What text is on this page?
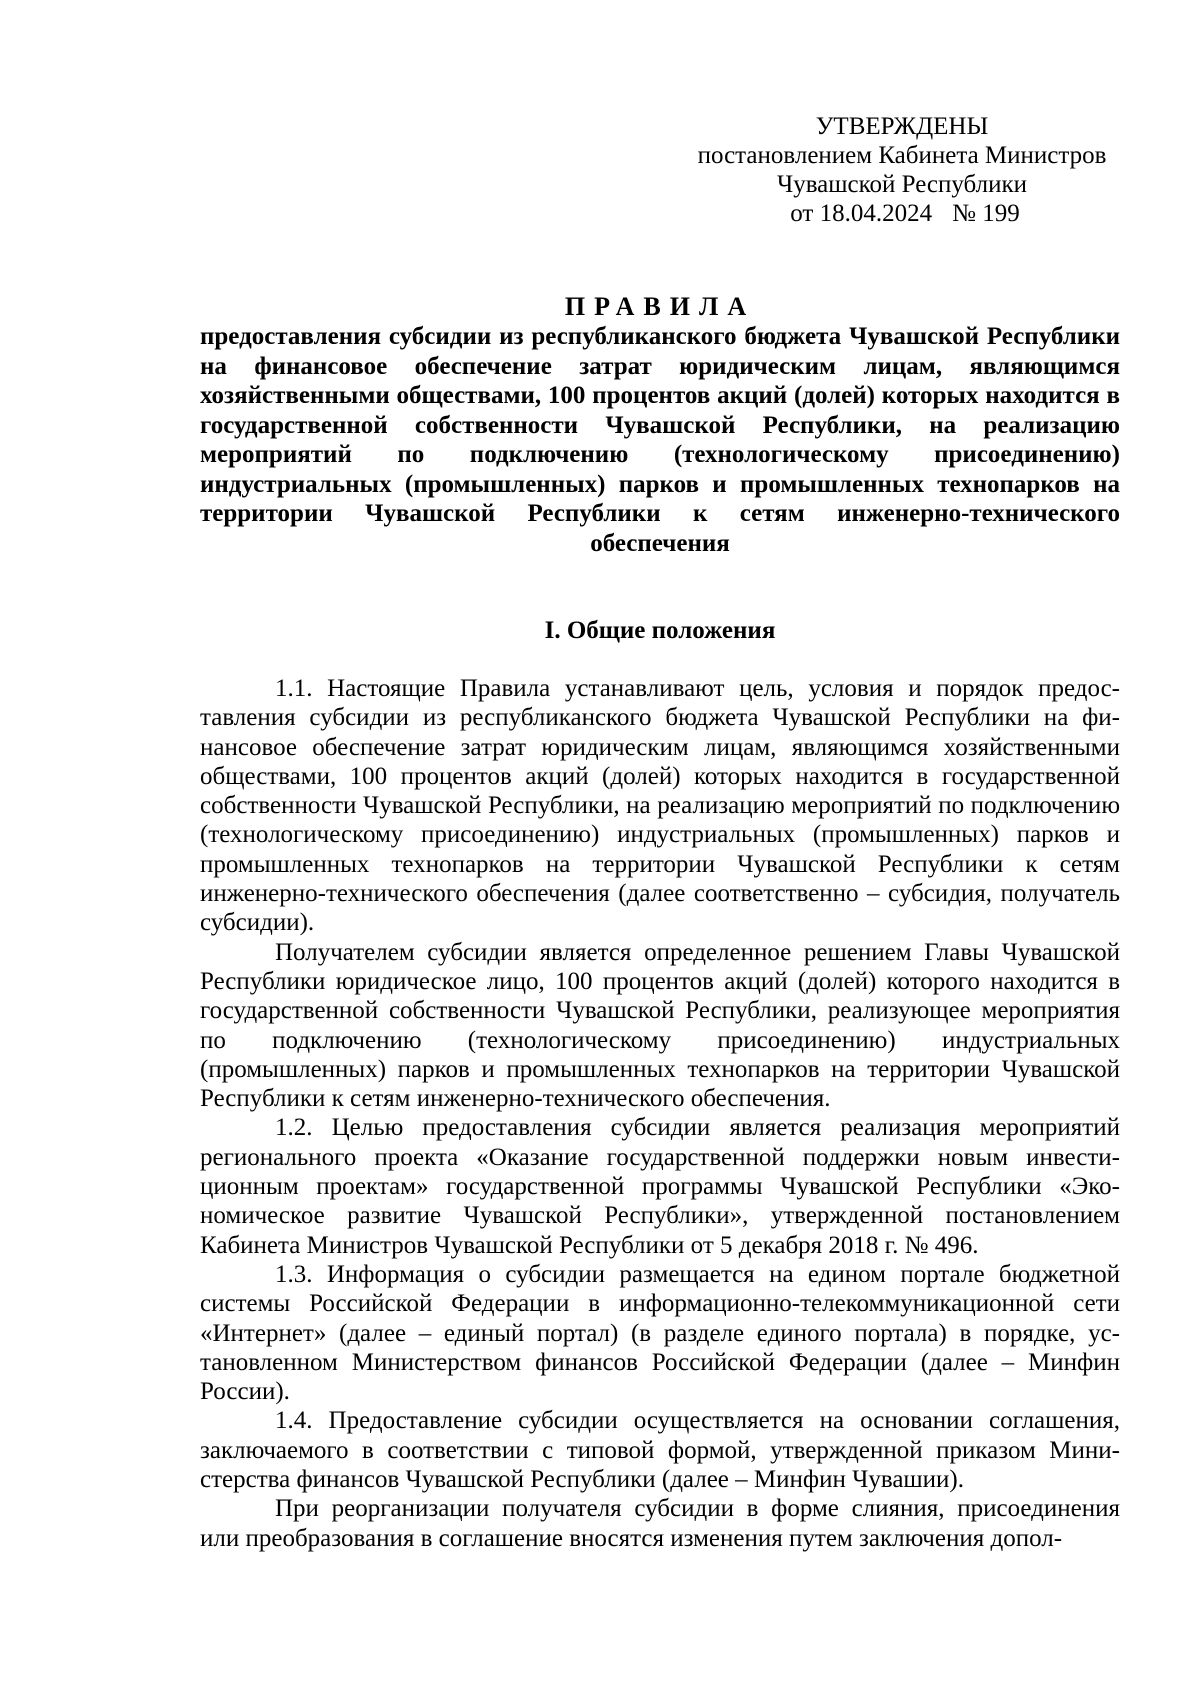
УТВЕРЖДЕНЫ
постановлением Кабинета Министров
Чувашской Республики
от 18.04.2024 № 199
ПРАВИЛА
предоставления субсидии из республиканского бюджета Чувашской Республики на финансовое обеспечение затрат юридическим лицам, являющимся хозяйственными обществами, 100 процентов акций (долей) которых находится в государственной собственности Чувашской Республики, на реализацию мероприятий по подключению (технологическому присоединению) индустриальных (промышленных) парков и промышленных технопарков на территории Чувашской Республики к сетям инженерно-технического обеспечения
I. Общие положения

1.1. Настоящие Правила устанавливают цель, условия и порядок предоставления субсидии из республиканского бюджета Чувашской Республики на финансовое обеспечение затрат юридическим лицам, являющимся хозяйственными обществами, 100 процентов акций (долей) которых находится в государственной собственности Чувашской Республики, на реализацию мероприятий по подключению (технологическому присоединению) индустриальных (промышленных) парков и промышленных технопарков на территории Чувашской Республики к сетям инженерно-технического обеспечения (далее соответственно – субсидия, получатель субсидии).

Получателем субсидии является определенное решением Главы Чувашской Республики юридическое лицо, 100 процентов акций (долей) которого находится в государственной собственности Чувашской Республики, реализующее мероприятия по подключению (технологическому присоединению) индустриальных (промышленных) парков и промышленных технопарков на территории Чувашской Республики к сетям инженерно-технического обеспечения.

1.2. Целью предоставления субсидии является реализация мероприятий регионального проекта «Оказание государственной поддержки новым инвестиционным проектам» государственной программы Чувашской Республики «Экономическое развитие Чувашской Республики», утвержденной постановлением Кабинета Министров Чувашской Республики от 5 декабря 2018 г. № 496.

1.3. Информация о субсидии размещается на едином портале бюджетной системы Российской Федерации в информационно-телекоммуникационной сети «Интернет» (далее – единый портал) (в разделе единого портала) в порядке, установленном Министерством финансов Российской Федерации (далее – Минфин России).

1.4. Предоставление субсидии осуществляется на основании соглашения, заключаемого в соответствии с типовой формой, утвержденной приказом Министерства финансов Чувашской Республики (далее – Минфин Чувашии).

При реорганизации получателя субсидии в форме слияния, присоединения или преобразования в соглашение вносятся изменения путем заключения допол-
